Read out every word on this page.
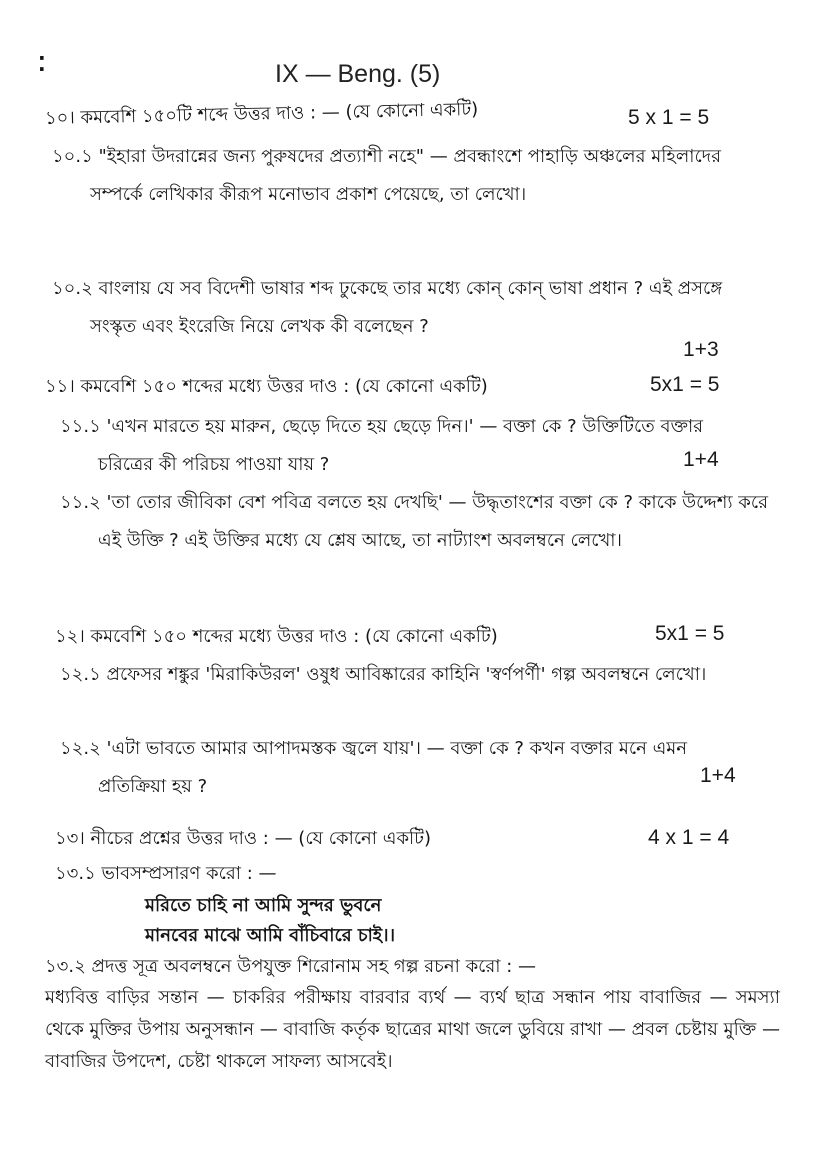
⁚	IX — Beng. (5)
১০। কমবেশি ১৫০টি শব্দে উত্তর দাও : — (যে কোনো একটি)	5 x 1 = 5
১০.১ "ইহারা উদরান্নের জন্য পুরুষদের প্রত্যাশী নহে" — প্রবন্ধাংশে পাহাড়ি অঞ্চলের মহিলাদের সম্পর্কে লেখিকার কীরূপ মনোভাব প্রকাশ পেয়েছে, তা লেখো।
১০.২ বাংলায় যে সব বিদেশী ভাষার শব্দ ঢুকেছে তার মধ্যে কোন্ কোন্ ভাষা প্রধান ? এই প্রসঙ্গে সংস্কৃত এবং ইংরেজি নিয়ে লেখক কী বলেছেন ?
1+3
১১। কমবেশি ১৫০ শব্দের মধ্যে উত্তর দাও : (যে কোনো একটি)	5x1 = 5
১১.১ 'এখন মারতে হয় মারুন, ছেড়ে দিতে হয় ছেড়ে দিন।' — বক্তা কে ? উক্তিটিতে বক্তার চরিত্রের কী পরিচয় পাওয়া যায় ?	1+4
১১.২ 'তা তোর জীবিকা বেশ পবিত্র বলতে হয় দেখছি' — উদ্ধৃতাংশের বক্তা কে ? কাকে উদ্দেশ্য করে এই উক্তি ? এই উক্তির মধ্যে যে শ্লেষ আছে, তা নাট্যাংশ অবলম্বনে লেখো।
১২। কমবেশি ১৫০ শব্দের মধ্যে উত্তর দাও : (যে কোনো একটি)	5x1 = 5
১২.১ প্রফেসর শঙ্কুর 'মিরাকিউরল' ওষুধ আবিষ্কারের কাহিনি 'স্বর্ণপর্ণী' গল্প অবলম্বনে লেখো।
১২.২ 'এটা ভাবতে আমার আপাদমস্তক জ্বলে যায়'। — বক্তা কে ? কখন বক্তার মনে এমন প্রতিক্রিয়া হয় ?	1+4
১৩। নীচের প্রশ্নের উত্তর দাও : — (যে কোনো একটি)	4 x 1 = 4
১৩.১ ভাবসম্প্রসারণ করো : —
মরিতে চাহি না আমি সুন্দর ভুবনে
মানবের মাঝে আমি বাঁচিবারে চাই।।
১৩.২ প্রদত্ত সূত্র অবলম্বনে উপযুক্ত শিরোনাম সহ গল্প রচনা করো : —
মধ্যবিত্ত বাড়ির সন্তান — চাকরির পরীক্ষায় বারবার ব্যর্থ — ব্যর্থ ছাত্র সন্ধান পায় বাবাজির — সমস্যা থেকে মুক্তির উপায় অনুসন্ধান — বাবাজি কর্তৃক ছাত্রের মাথা জলে ডুবিয়ে রাখা — প্রবল চেষ্টায় মুক্তি — বাবাজির উপদেশ, চেষ্টা থাকলে সাফল্য আসবেই।
